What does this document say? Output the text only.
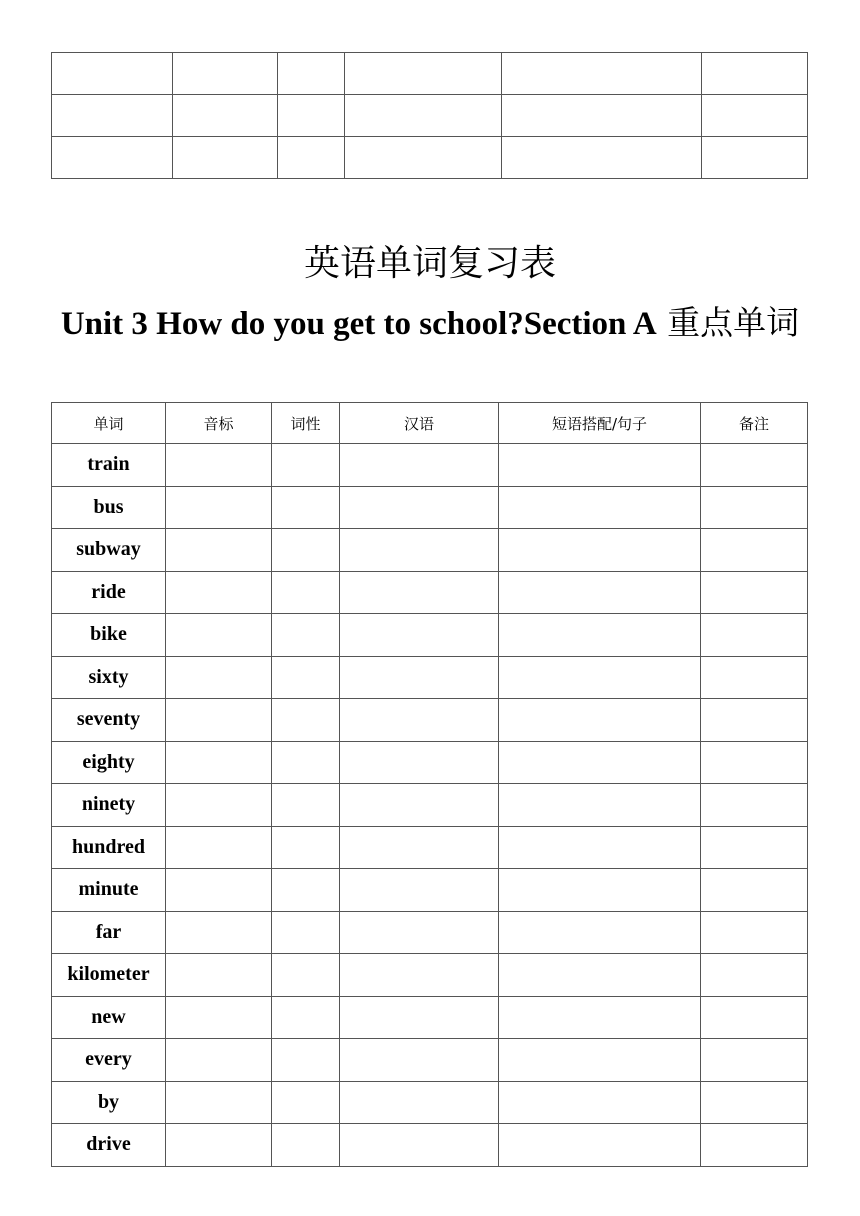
英语单词复习表
Unit 3 How do you get to school?Section A 重点单词
单词	音标	词性	汉语	短语搭配/句子	备注
train					
bus					
subway					
ride					
bike					
sixty					
seventy					
eighty					
ninety					
hundred					
minute					
far					
kilometer					
new					
every					
by					
drive					
